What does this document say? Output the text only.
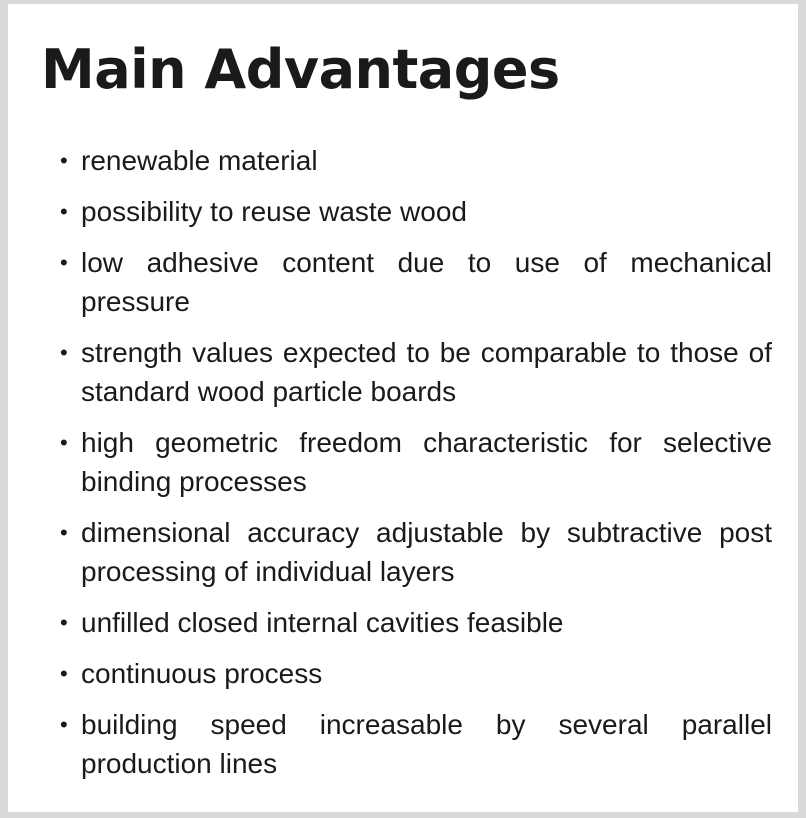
Main Advantages
• renewable material
• possibility to reuse waste wood
• low adhesive content due to use of mechanical pressure
• strength values expected to be comparable to those of standard wood particle boards
• high geometric freedom characteristic for selective binding processes
• dimensional accuracy adjustable by subtractive post processing of individual layers
• unfilled closed internal cavities feasible
• continuous process
• building speed increasable by several parallel production lines
